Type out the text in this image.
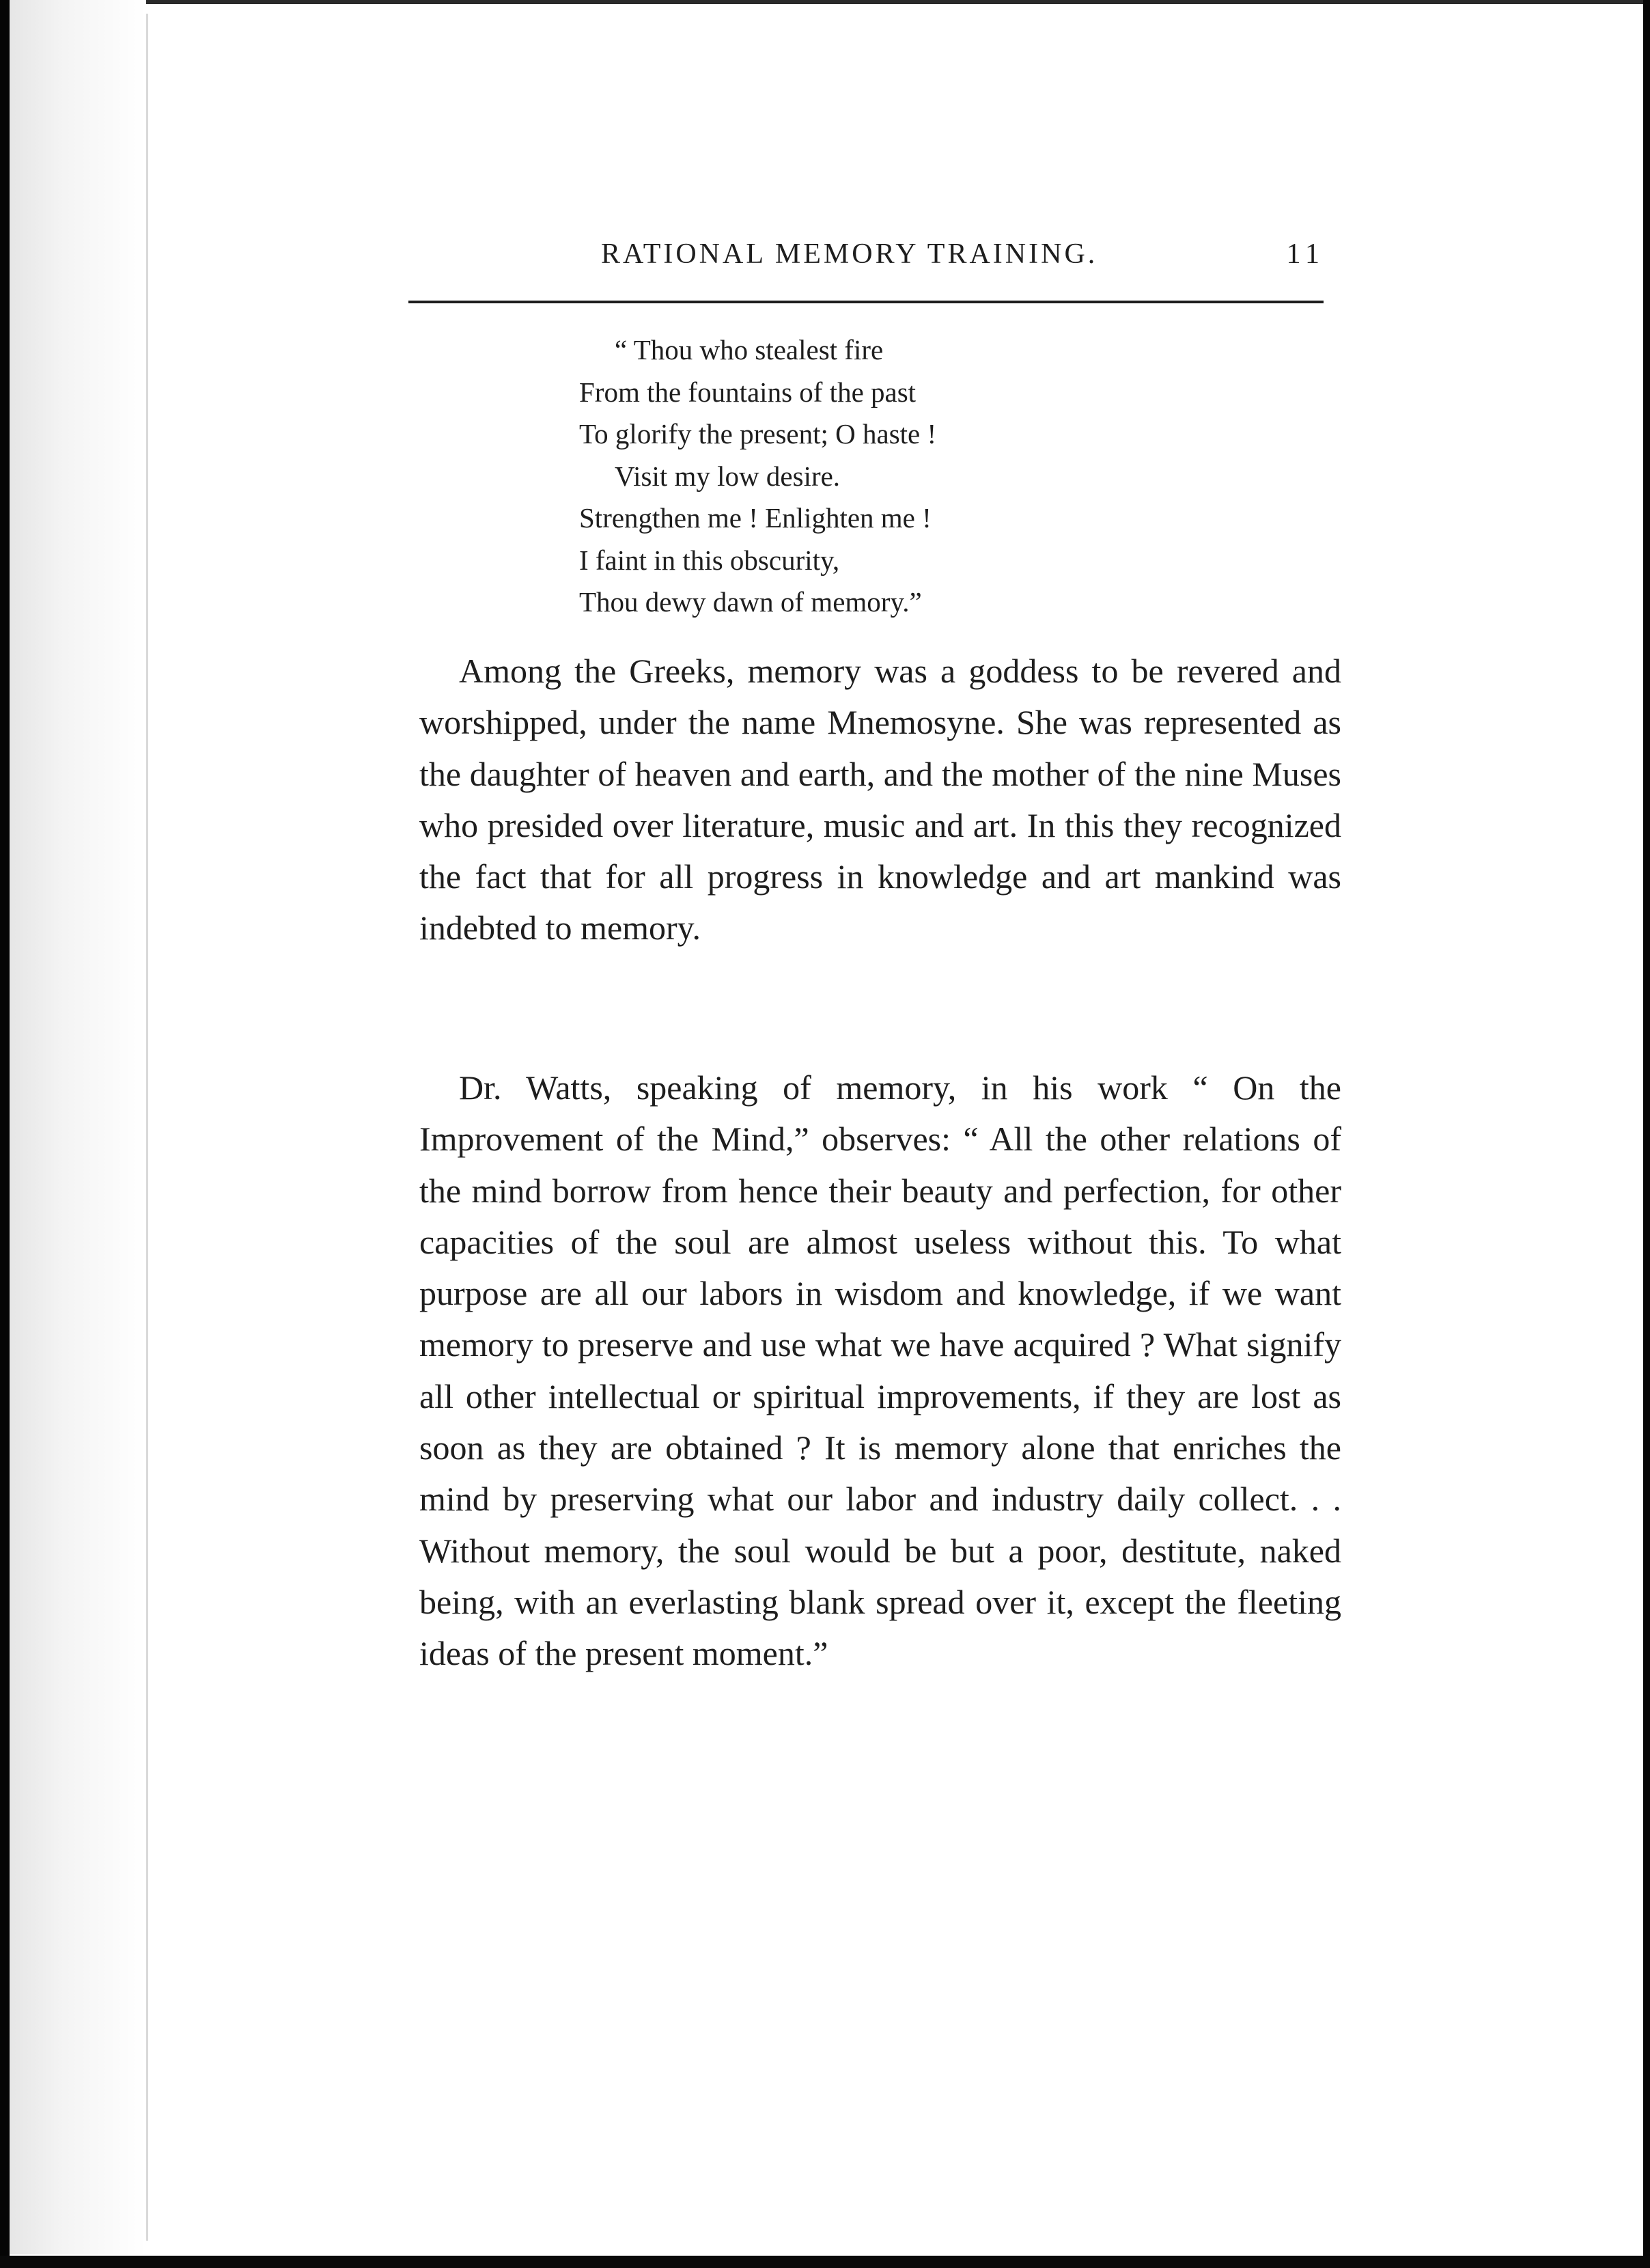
RATIONAL MEMORY TRAINING.	11
“ Thou who stealest fire
From the fountains of the past
To glorify the present; O haste !
Visit my low desire.
Strengthen me ! Enlighten me !
I faint in this obscurity,
Thou dewy dawn of memory.”

Among the Greeks, memory was a goddess to be revered and worshipped, under the name Mnemosyne. She was represented as the daughter of heaven and earth, and the mother of the nine Muses who presided over literature, music and art. In this they recognized the fact that for all progress in knowledge and art mankind was indebted to memory.

Dr. Watts, speaking of memory, in his work “ On the Improvement of the Mind,” observes: “ All the other relations of the mind borrow from hence their beauty and perfection, for other capacities of the soul are almost useless without this. To what purpose are all our labors in wisdom and knowledge, if we want memory to preserve and use what we have acquired ? What signify all other intellectual or spiritual improvements, if they are lost as soon as they are obtained ? It is memory alone that enriches the mind by preserving what our labor and industry daily collect. . . Without memory, the soul would be but a poor, destitute, naked being, with an everlasting blank spread over it, except the fleeting ideas of the present moment.”
